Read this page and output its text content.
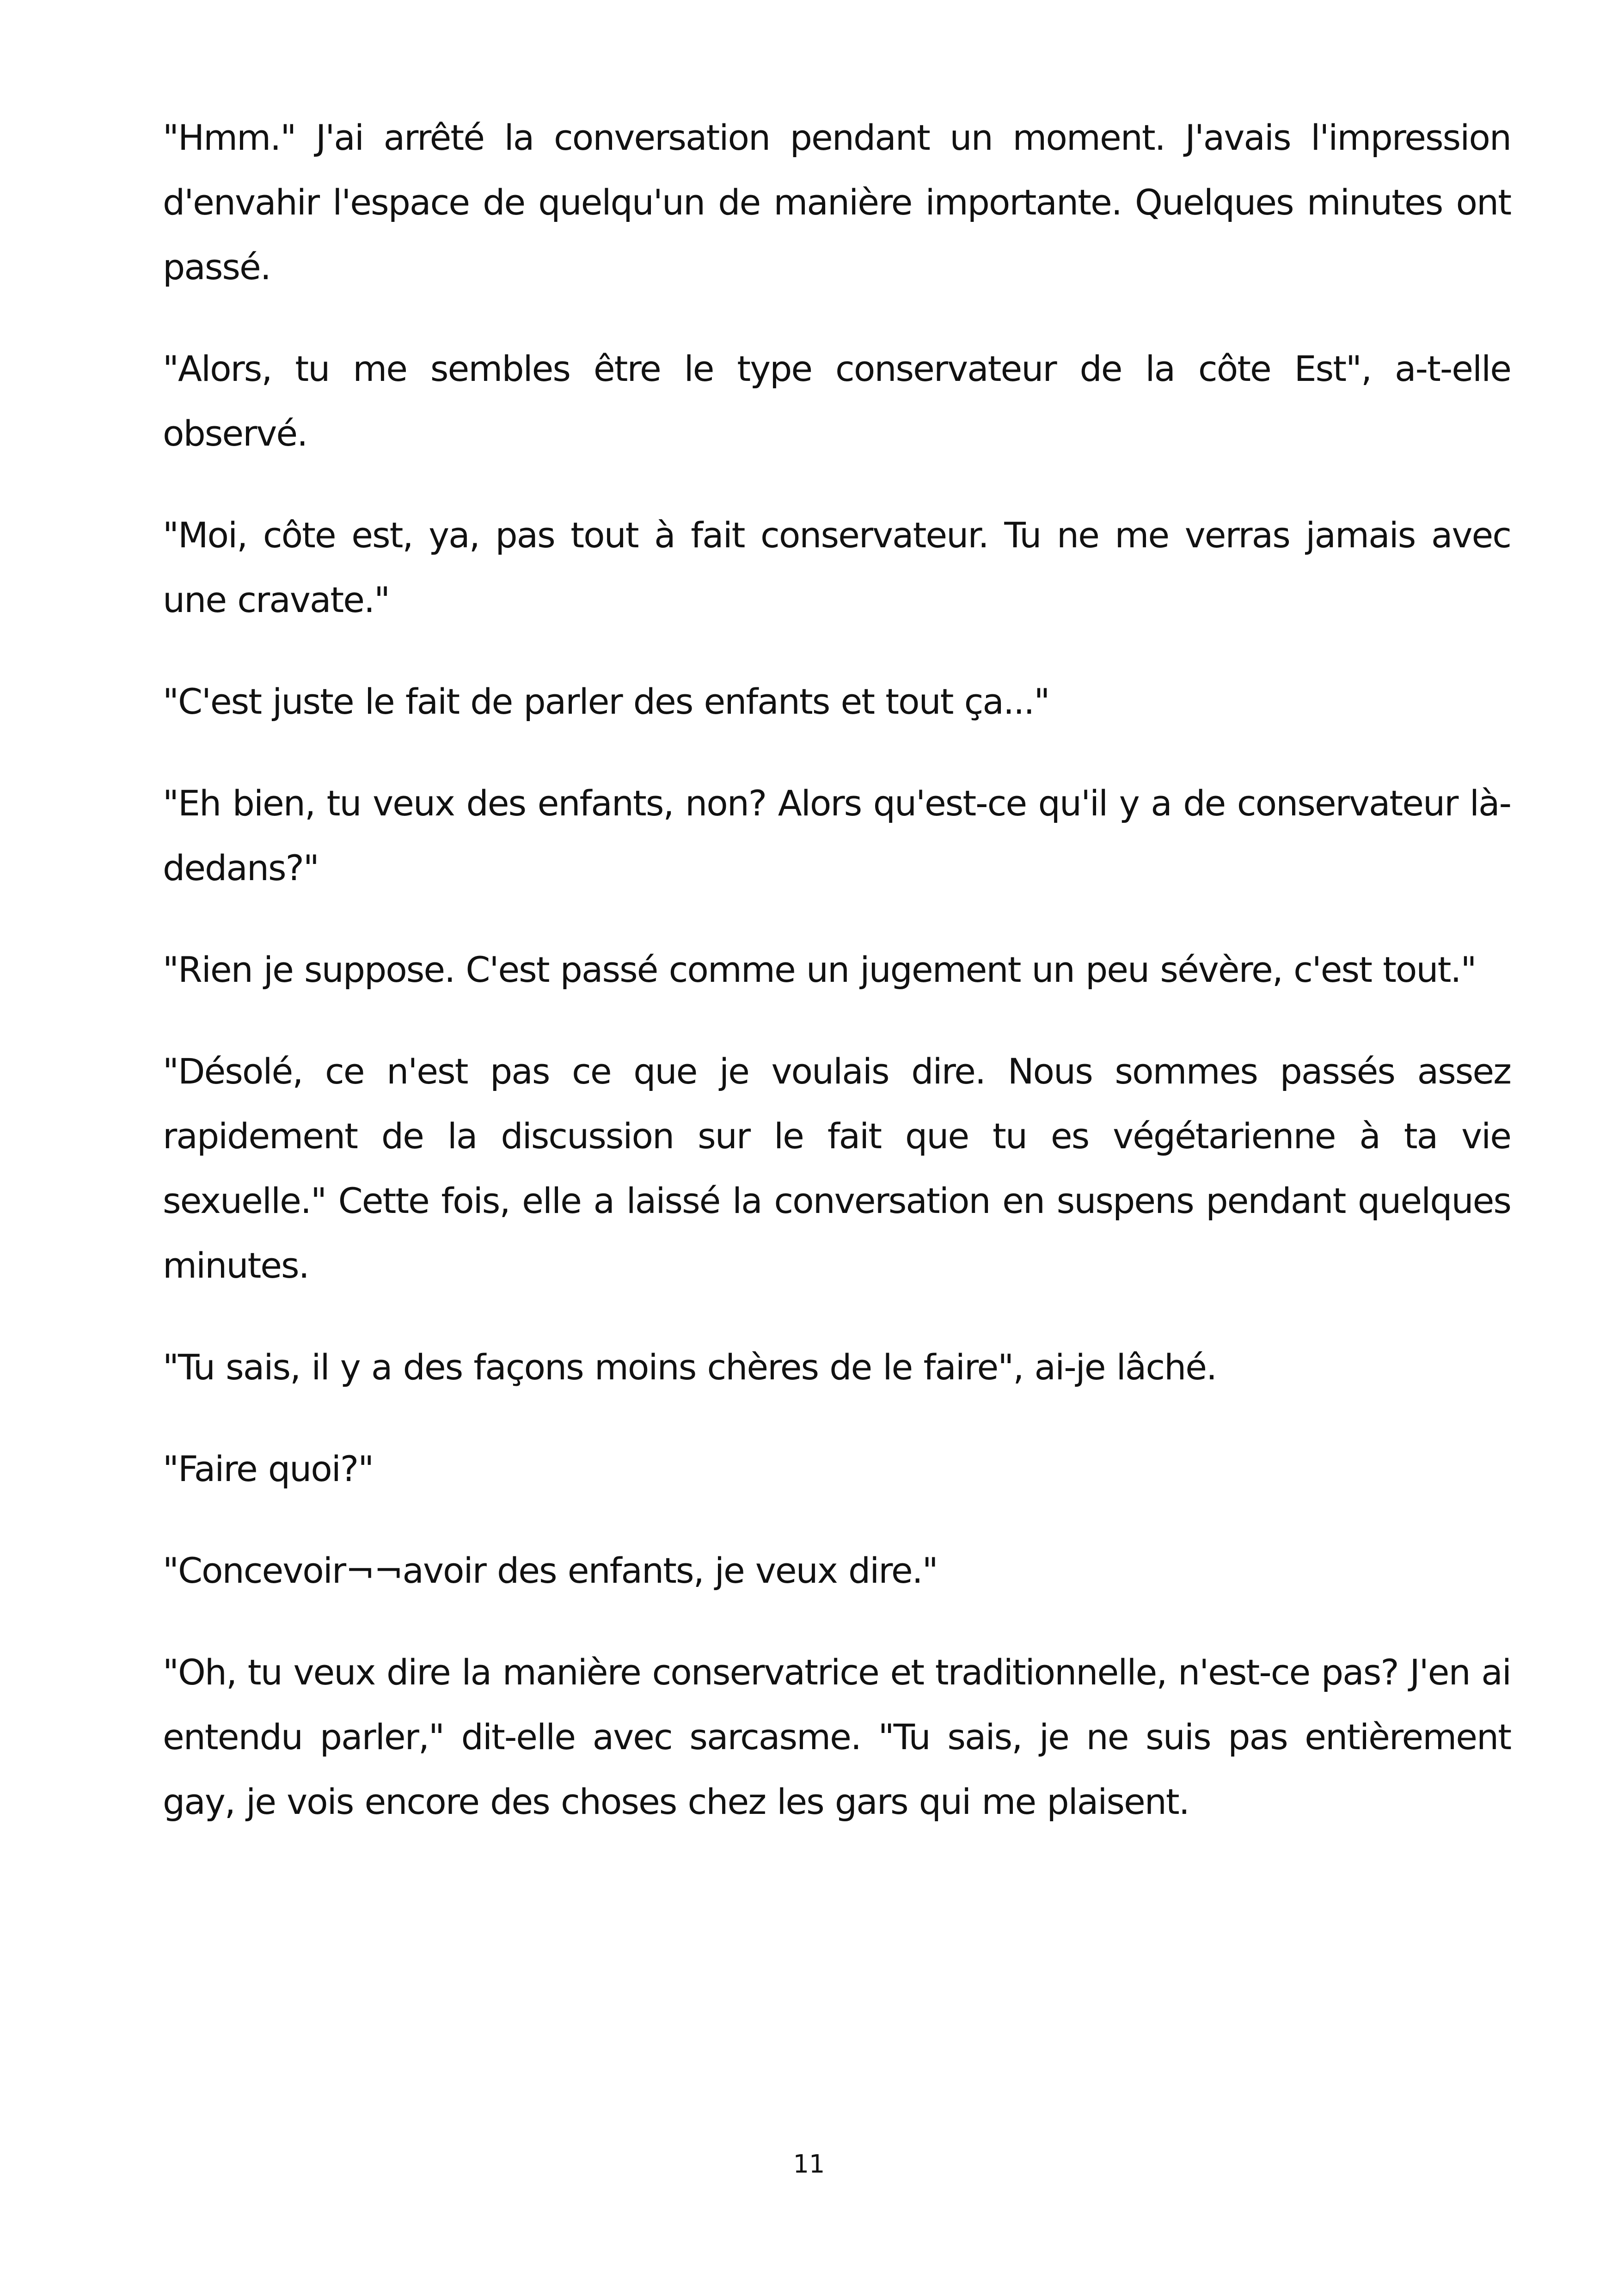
"Hmm." J'ai arrêté la conversation pendant un moment. J'avais l'impression d'envahir l'espace de quelqu'un de manière importante. Quelques minutes ont passé.

"Alors, tu me sembles être le type conservateur de la côte Est", a-t-elle observé.

"Moi, côte est, ya, pas tout à fait conservateur. Tu ne me verras jamais avec une cravate."

"C'est juste le fait de parler des enfants et tout ça..."

"Eh bien, tu veux des enfants, non? Alors qu'est-ce qu'il y a de conservateur là-dedans?"

"Rien je suppose. C'est passé comme un jugement un peu sévère, c'est tout."

"Désolé, ce n'est pas ce que je voulais dire. Nous sommes passés assez rapidement de la discussion sur le fait que tu es végétarienne à ta vie sexuelle." Cette fois, elle a laissé la conversation en suspens pendant quelques minutes.

"Tu sais, il y a des façons moins chères de le faire", ai-je lâché.

"Faire quoi?"

"Concevoir¬¬avoir des enfants, je veux dire."

"Oh, tu veux dire la manière conservatrice et traditionnelle, n'est-ce pas? J'en ai entendu parler," dit-elle avec sarcasme. "Tu sais, je ne suis pas entièrement gay, je vois encore des choses chez les gars qui me plaisent.

11
